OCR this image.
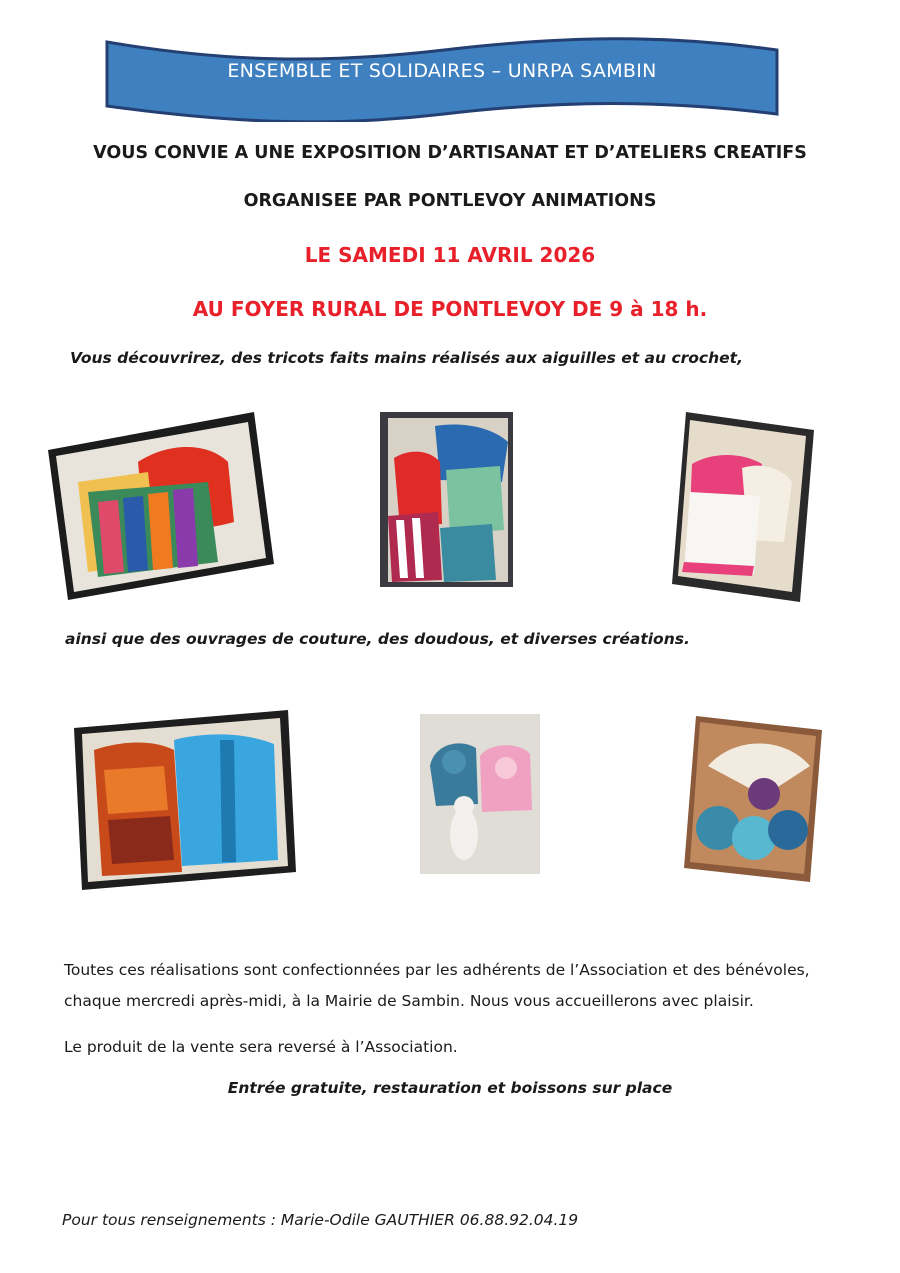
ENSEMBLE ET SOLIDAIRES – UNRPA SAMBIN
VOUS CONVIE A UNE EXPOSITION D’ARTISANAT ET D’ATELIERS CREATIFS
ORGANISEE PAR PONTLEVOY ANIMATIONS
LE SAMEDI 11 AVRIL 2026
AU FOYER RURAL DE PONTLEVOY DE 9 à 18 h.
Vous découvrirez, des tricots faits mains réalisés aux aiguilles et au crochet,
ainsi que des ouvrages de couture, des doudous, et diverses créations.
Toutes ces réalisations sont confectionnées par les adhérents de l’Association et des bénévoles,
chaque mercredi après-midi, à la Mairie de Sambin. Nous vous accueillerons avec plaisir.
Le produit de la vente sera reversé à l’Association.
Entrée gratuite, restauration et boissons sur place
Pour tous renseignements : Marie-Odile GAUTHIER 06.88.92.04.19
